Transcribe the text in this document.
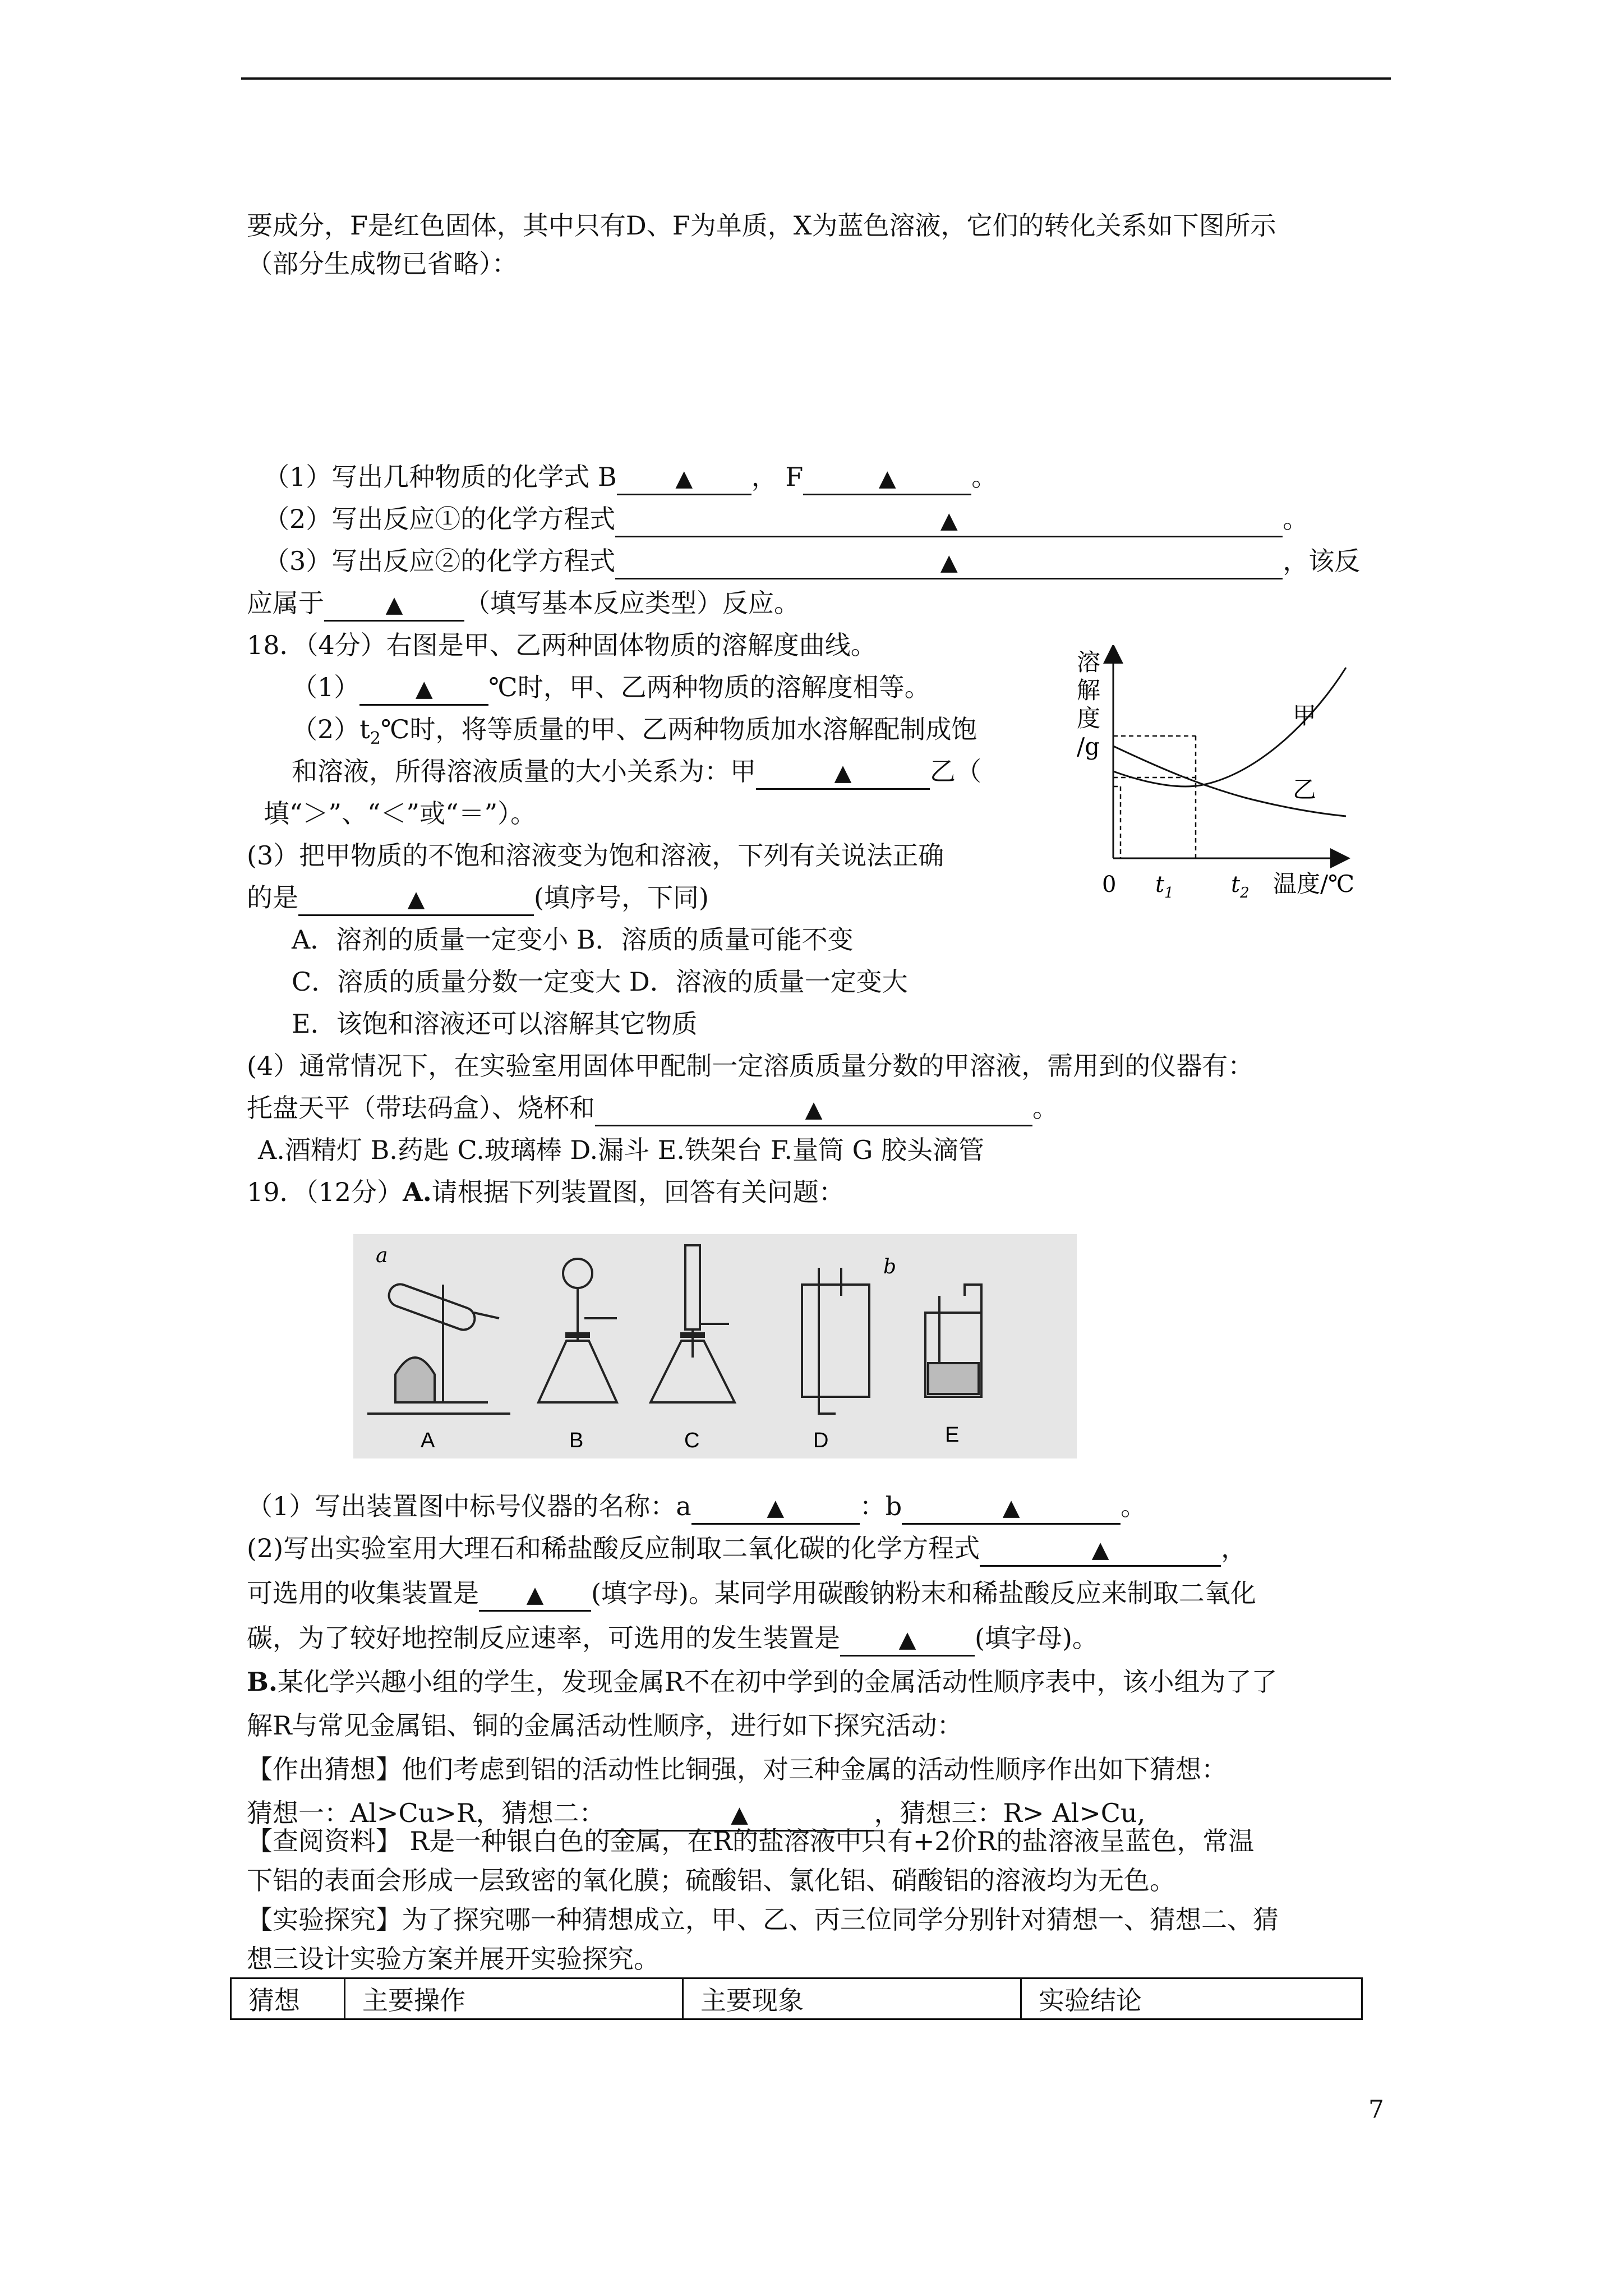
要成分，F是红色固体，其中只有D、F为单质，X为蓝色溶液，它们的转化关系如下图所示
（部分生成物已省略）：
（1）写出几种物质的化学式 B	▲ ， F	▲	。
（2）写出反应①的化学方程式	▲	。
（3）写出反应②的化学方程式	▲	，该反
应属于	▲ （填写基本反应类型）反应。
18．（4分）右图是甲、乙两种固体物质的溶解度曲线。
（1） ▲ ℃时，甲、乙两种物质的溶解度相等。
$(2)t_2℃$时，将等质量的甲、乙两种物质加水溶解配制成饱
和溶液，所得溶液质量的大小关系为：甲	▲	乙（
填“＞”、“＜”或“＝”）。
(3）把甲物质的不饱和溶液变为饱和溶液，下列有关说法正确
的是	▲	(填序号，下同)
A．溶剂的质量一定变小 B．溶质的质量可能不变
C．溶质的质量分数一定变大 D．溶液的质量一定变大
E．该饱和溶液还可以溶解其它物质
(4）通常情况下，在实验室用固体甲配制一定溶质质量分数的甲溶液，需用到的仪器有：
托盘天平（带珐码盒）、烧杯和	▲	。
A.酒精灯 B.药匙 C.玻璃棒 D.漏斗 E.铁架台 F.量筒 G 胶头滴管
溶
解
度
/g
甲
乙
0 $t_1$	$t_2$ 温度/℃
19．（12分）A.请根据下列装置图，回答有关问题：
a
A	B	C
b
D	E
（1）写出装置图中标号仪器的名称：a	▲	：b	▲	。
(2)写出实验室用大理石和稀盐酸反应制取二氧化碳的化学方程式	▲	，
可选用的收集装置是 ▲ (填字母)。某同学用碳酸钠粉末和稀盐酸反应来制取二氧化
碳，为了较好地控制反应速率，可选用的发生装置是	▲ (填字母)。
B.某化学兴趣小组的学生，发现金属R不在初中学到的金属活动性顺序表中，该小组为了了
解R与常见金属铝、铜的金属活动性顺序，进行如下探究活动：
【作出猜想】他们考虑到铝的活动性比铜强，对三种金属的活动性顺序作出如下猜想：
猜想一：Al>Cu>R，猜想二：	▲	，猜想三：R> Al>Cu,
【查阅资料】 R是一种银白色的金属，在R的盐溶液中只有+2价R的盐溶液呈蓝色，常温
下铝的表面会形成一层致密的氧化膜；硫酸铝、氯化铝、硝酸铝的溶液均为无色。
【实验探究】为了探究哪一种猜想成立，甲、乙、丙三位同学分别针对猜想一、猜想二、猜
猜想	主要操作	主要现象	实验结论
7
想三设计实验方案并展开实验探究。
